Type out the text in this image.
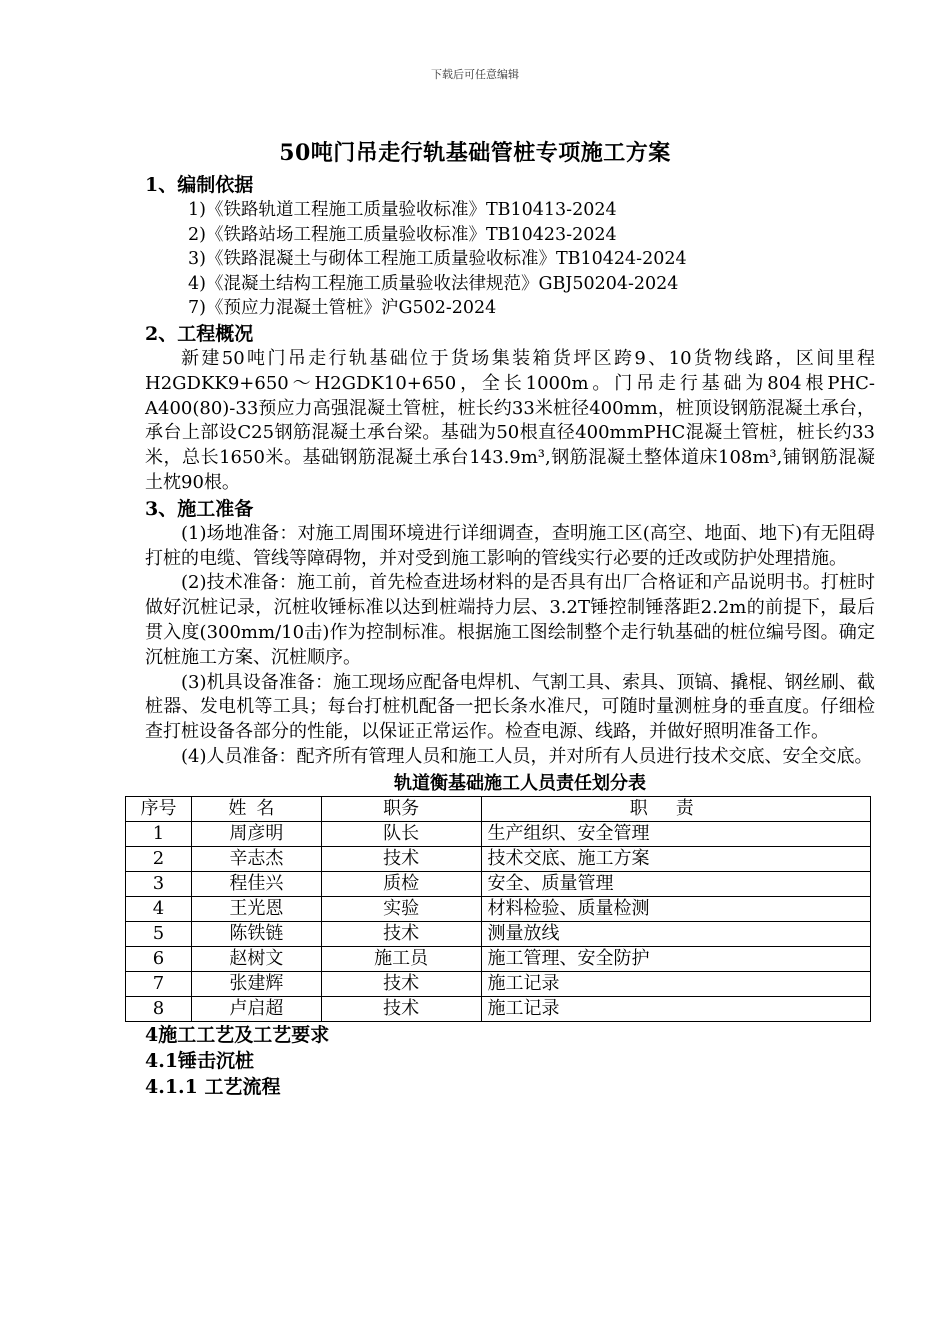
下载后可任意编辑
50吨门吊走行轨基础管桩专项施工方案
1、编制依据
1)《铁路轨道工程施工质量验收标准》TB10413-2024
2)《铁路站场工程施工质量验收标准》TB10423-2024
3)《铁路混凝土与砌体工程施工质量验收标准》TB10424-2024
4)《混凝土结构工程施工质量验收法律规范》GBJ50204-2024
7)《预应力混凝土管桩》沪G502-2024
2、工程概况
新建50吨门吊走行轨基础位于货场集装箱货坪区跨9、10货物线路，区间里程H2GDKK9+650～H2GDK10+650，全长1000m。门吊走行基础为804根PHC-A400(80)-33预应力高强混凝土管桩，桩长约33米桩径400mm，桩顶设钢筋混凝土承台，承台上部设C25钢筋混凝土承台梁。基础为50根直径400mmPHC混凝土管桩，桩长约33米，总长1650米。基础钢筋混凝土承台143.9m³,钢筋混凝土整体道床108m³,铺钢筋混凝土枕90根。
3、施工准备
(1)场地准备：对施工周围环境进行详细调查，查明施工区(高空、地面、地下)有无阻碍打桩的电缆、管线等障碍物，并对受到施工影响的管线实行必要的迁改或防护处理措施。
(2)技术准备：施工前，首先检查进场材料的是否具有出厂合格证和产品说明书。打桩时做好沉桩记录，沉桩收锤标准以达到桩端持力层、3.2T锤控制锤落距2.2m的前提下，最后贯入度(300mm/10击)作为控制标准。根据施工图绘制整个走行轨基础的桩位编号图。确定沉桩施工方案、沉桩顺序。
(3)机具设备准备：施工现场应配备电焊机、气割工具、索具、顶镐、撬棍、钢丝刷、截桩器、发电机等工具；每台打桩机配备一把长条水准尺，可随时量测桩身的垂直度。仔细检查打桩设备各部分的性能，以保证正常运作。检查电源、线路，并做好照明准备工作。
(4)人员准备：配齐所有管理人员和施工人员，并对所有人员进行技术交底、安全交底。
轨道衡基础施工人员责任划分表
序号	姓名	职务	职责
1	周彦明	队长	生产组织、安全管理
2	辛志杰	技术	技术交底、施工方案
3	程佳兴	质检	安全、质量管理
4	王光恩	实验	材料检验、质量检测
5	陈铁链	技术	测量放线
6	赵树文	施工员	施工管理、安全防护
7	张建辉	技术	施工记录
8	卢启超	技术	施工记录
4施工工艺及工艺要求
4.1锤击沉桩
4.1.1 工艺流程
